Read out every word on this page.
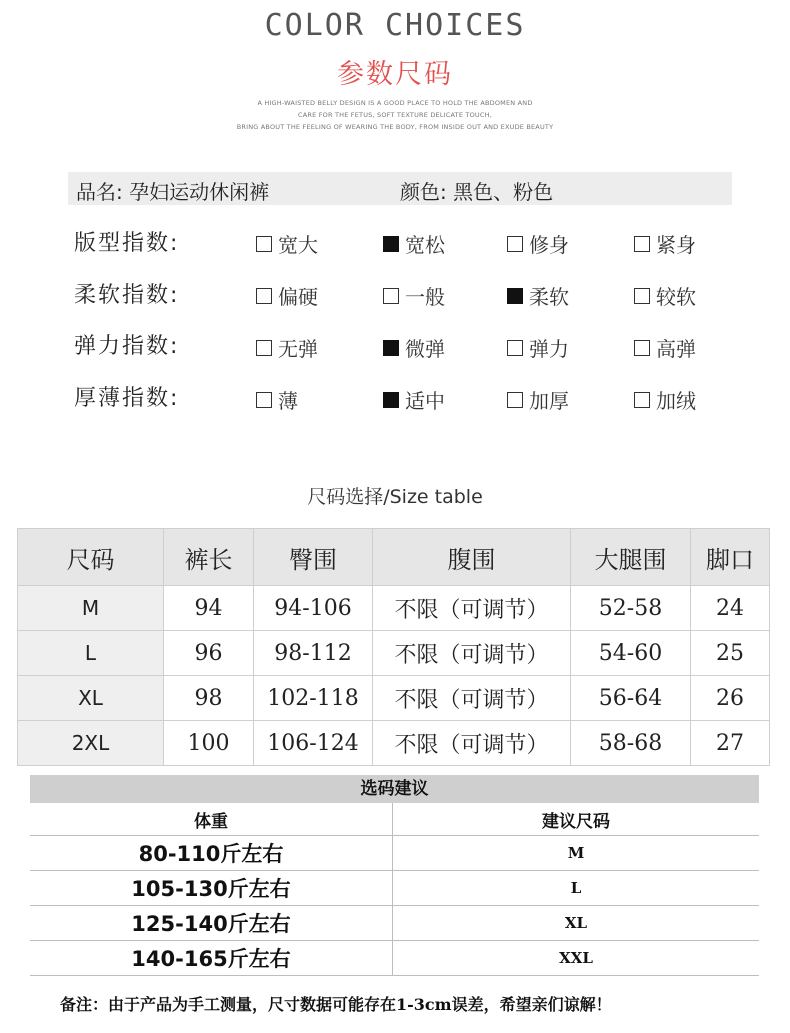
COLOR CHOICES
参数尺码
A HIGH-WAISTED BELLY DESIGN IS A GOOD PLACE TO HOLD THE ABDOMEN AND
CARE FOR THE FETUS, SOFT TEXTURE DELICATE TOUCH,
BRING ABOUT THE FEELING OF WEARING THE BODY, FROM INSIDE OUT AND EXUDE BEAUTY
品名: 孕妇运动休闲裤	颜色: 黑色、粉色
版型指数:	宽大	宽松	修身	紧身
柔软指数:	偏硬	一般	柔软	较软
弹力指数:	无弹	微弹	弹力	高弹
厚薄指数:	薄	适中	加厚	加绒
尺码选择/Size table
尺码	裤长	臀围	腹围	大腿围	脚口
M	94	94-106	不限（可调节）	52-58	24
L	96	98-112	不限（可调节）	54-60	25
XL	98	102-118	不限（可调节）	56-64	26
2XL	100	106-124	不限（可调节）	58-68	27
选码建议
体重	建议尺码
80-110斤左右	M
105-130斤左右	L
125-140斤左右	XL
140-165斤左右	XXL
备注：由于产品为手工测量，尺寸数据可能存在1-3cm误差，希望亲们谅解！
